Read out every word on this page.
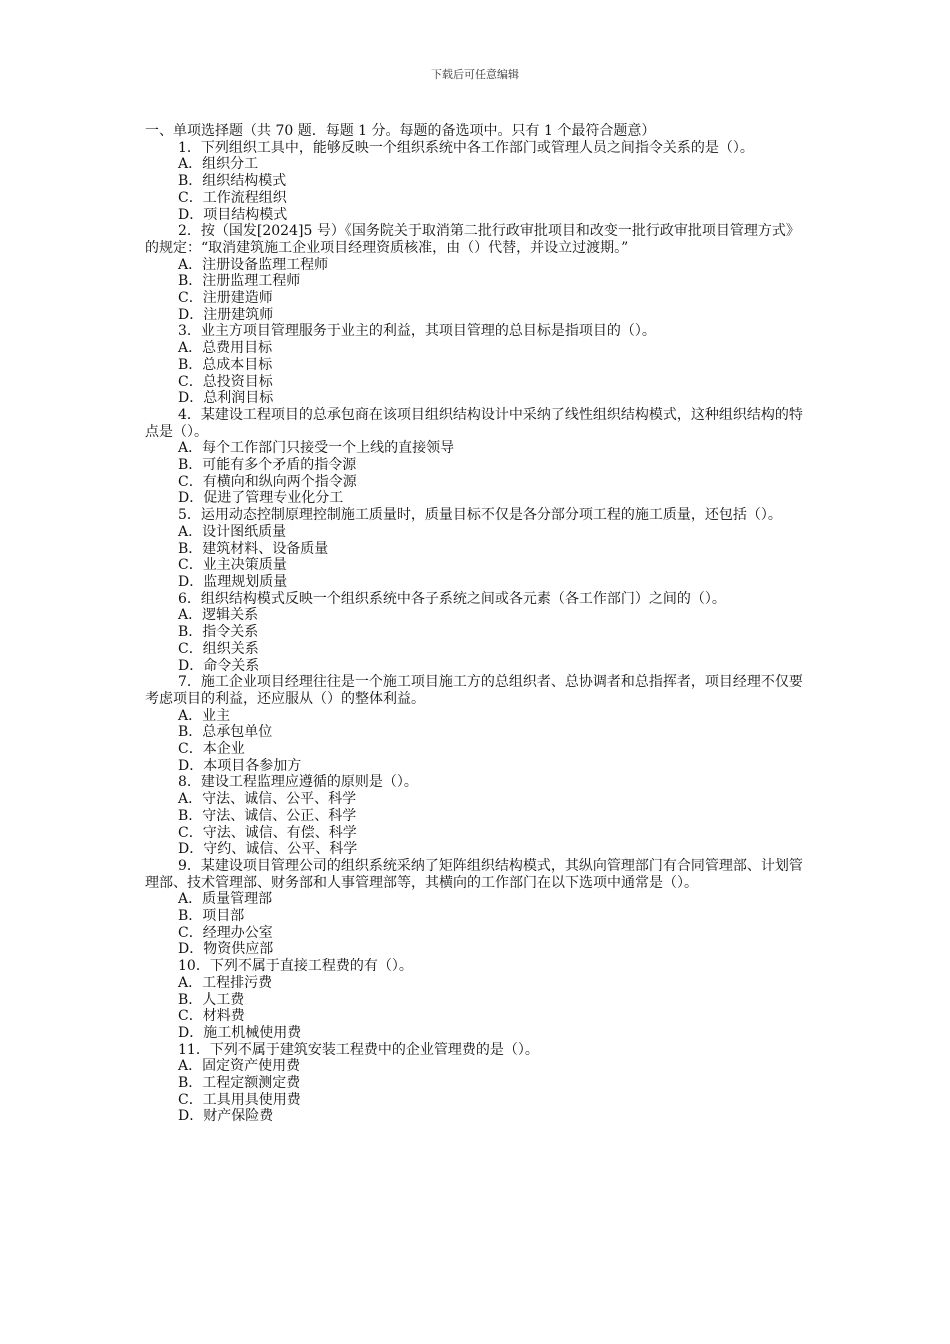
下载后可任意编辑

一、单项选择题（共 70 题．每题 1 分。每题的备选项中。只有 1 个最符合题意）

1．下列组织工具中，能够反映一个组织系统中各工作部门或管理人员之间指令关系的是（）。

A．组织分工

B．组织结构模式

C．工作流程组织

D．项目结构模式

2．按（国发[2024]5 号）《国务院关于取消第二批行政审批项目和改变一批行政审批项目管理方式》的规定：“取消建筑施工企业项目经理资质核准，由（）代替，并设立过渡期。”

A．注册设备监理工程师

B．注册监理工程师

C．注册建造师

D．注册建筑师

3．业主方项目管理服务于业主的利益，其项目管理的总目标是指项目的（）。

A．总费用目标

B．总成本目标

C．总投资目标

D．总利润目标

4．某建设工程项目的总承包商在该项目组织结构设计中采纳了线性组织结构模式，这种组织结构的特点是（）。

A．每个工作部门只接受一个上线的直接领导

B．可能有多个矛盾的指令源

C．有横向和纵向两个指令源

D．促进了管理专业化分工

5．运用动态控制原理控制施工质量时，质量目标不仅是各分部分项工程的施工质量，还包括（）。

A．设计图纸质量

B．建筑材料、设备质量

C．业主决策质量

D．监理规划质量

6．组织结构模式反映一个组织系统中各子系统之间或各元素（各工作部门）之间的（）。

A．逻辑关系

B．指令关系

C．组织关系

D．命令关系

7．施工企业项目经理往往是一个施工项目施工方的总组织者、总协调者和总指挥者，项目经理不仅要考虑项目的利益，还应服从（）的整体利益。

A．业主

B．总承包单位

C．本企业

D．本项目各参加方

8．建设工程监理应遵循的原则是（）。

A．守法、诚信、公平、科学

B．守法、诚信、公正、科学

C．守法、诚信、有偿、科学

D．守约、诚信、公平、科学

9．某建设项目管理公司的组织系统采纳了矩阵组织结构模式，其纵向管理部门有合同管理部、计划管理部、技术管理部、财务部和人事管理部等，其横向的工作部门在以下选项中通常是（）。

A．质量管理部

B．项目部

C．经理办公室

D．物资供应部

10．下列不属于直接工程费的有（）。

A．工程排污费

B．人工费

C．材料费

D．施工机械使用费

11．下列不属于建筑安装工程费中的企业管理费的是（）。

A．固定资产使用费

B．工程定额测定费

C．工具用具使用费

D．财产保险费
